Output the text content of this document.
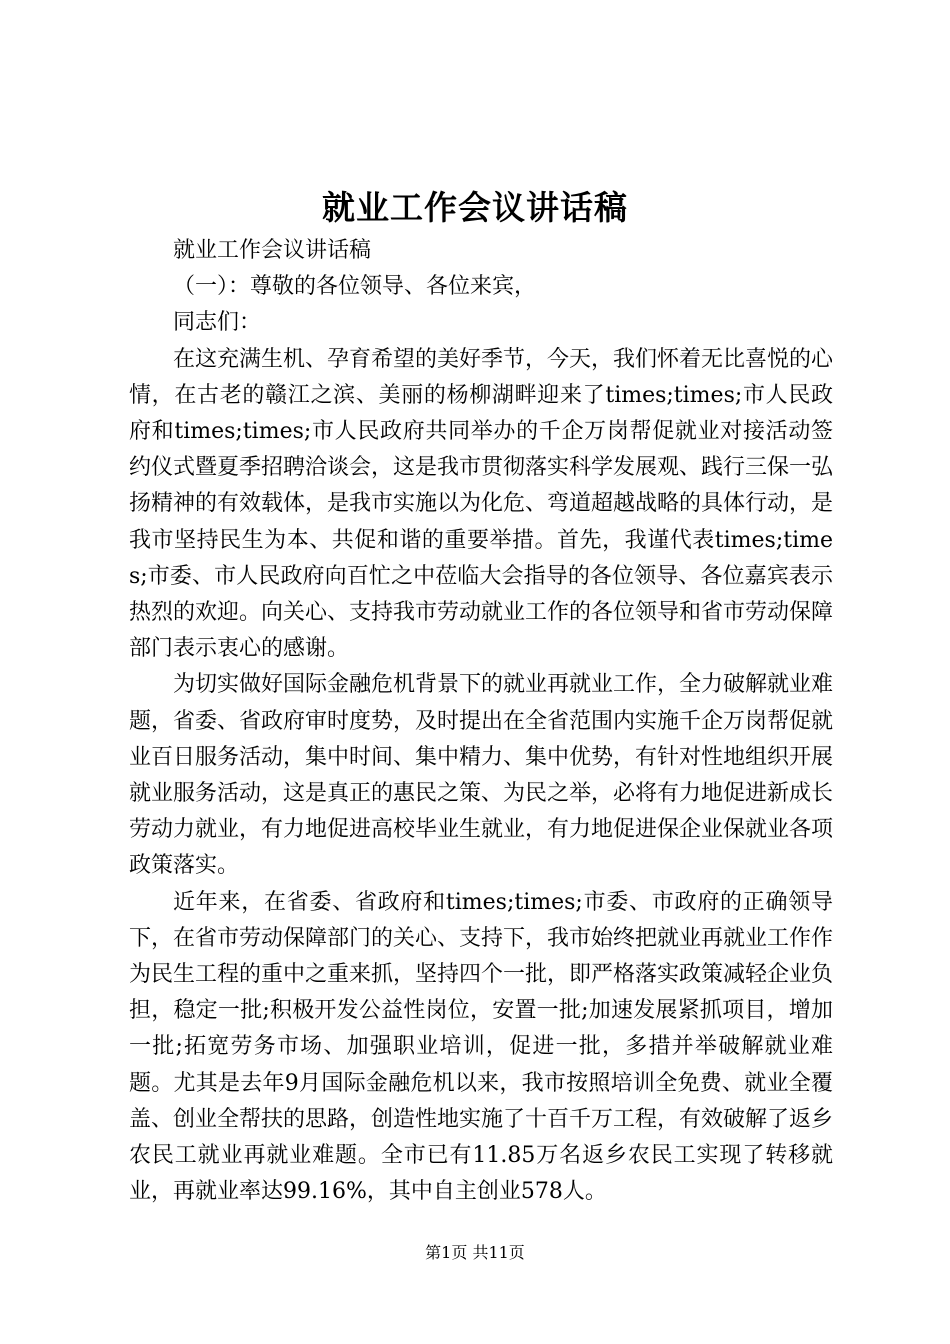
就业工作会议讲话稿

就业工作会议讲话稿

（一）：尊敬的各位领导、各位来宾，

同志们：

在这充满生机、孕育希望的美好季节，今天，我们怀着无比喜悦的心情，在古老的赣江之滨、美丽的杨柳湖畔迎来了times;times;市人民政府和times;times;市人民政府共同举办的千企万岗帮促就业对接活动签约仪式暨夏季招聘洽谈会，这是我市贯彻落实科学发展观、践行三保一弘扬精神的有效载体，是我市实施以为化危、弯道超越战略的具体行动，是我市坚持民生为本、共促和谐的重要举措。首先，我谨代表times;times;市委、市人民政府向百忙之中莅临大会指导的各位领导、各位嘉宾表示热烈的欢迎。向关心、支持我市劳动就业工作的各位领导和省市劳动保障部门表示衷心的感谢。

为切实做好国际金融危机背景下的就业再就业工作，全力破解就业难题，省委、省政府审时度势，及时提出在全省范围内实施千企万岗帮促就业百日服务活动，集中时间、集中精力、集中优势，有针对性地组织开展就业服务活动，这是真正的惠民之策、为民之举，必将有力地促进新成长劳动力就业，有力地促进高校毕业生就业，有力地促进保企业保就业各项政策落实。

近年来，在省委、省政府和times;times;市委、市政府的正确领导下，在省市劳动保障部门的关心、支持下，我市始终把就业再就业工作作为民生工程的重中之重来抓，坚持四个一批，即严格落实政策减轻企业负担，稳定一批;积极开发公益性岗位，安置一批;加速发展紧抓项目，增加一批;拓宽劳务市场、加强职业培训，促进一批，多措并举破解就业难题。尤其是去年9月国际金融危机以来，我市按照培训全免费、就业全覆盖、创业全帮扶的思路，创造性地实施了十百千万工程，有效破解了返乡农民工就业再就业难题。全市已有11.85万名返乡农民工实现了转移就业，再就业率达99.16%，其中自主创业578人。

第1页 共11页
